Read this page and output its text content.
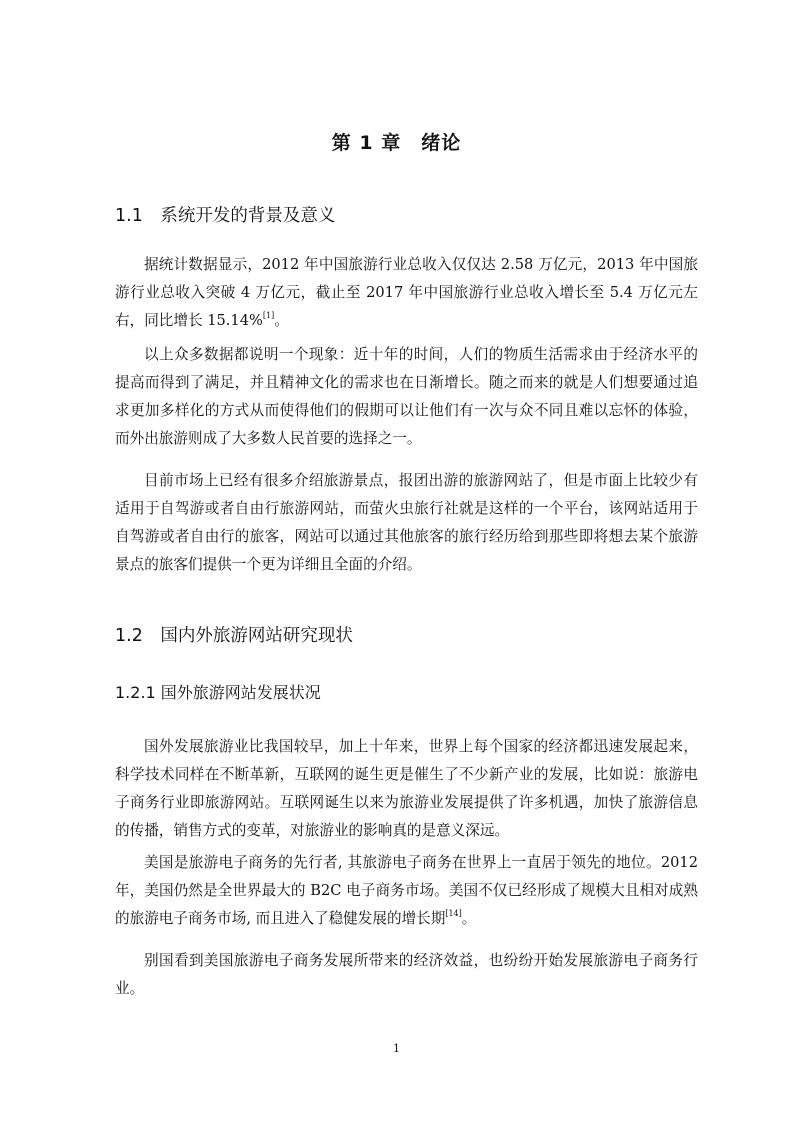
第 1 章　绪论
1.1　系统开发的背景及意义
据统计数据显示，2012 年中国旅游行业总收入仅仅达 2.58 万亿元，2013 年中国旅游行业总收入突破 4 万亿元，截止至 2017 年中国旅游行业总收入增长至 5.4 万亿元左右，同比增长 15.14%[1]。
以上众多数据都说明一个现象：近十年的时间，人们的物质生活需求由于经济水平的提高而得到了满足，并且精神文化的需求也在日渐增长。随之而来的就是人们想要通过追求更加多样化的方式从而使得他们的假期可以让他们有一次与众不同且难以忘怀的体验，而外出旅游则成了大多数人民首要的选择之一。
目前市场上已经有很多介绍旅游景点，报团出游的旅游网站了，但是市面上比较少有适用于自驾游或者自由行旅游网站，而萤火虫旅行社就是这样的一个平台，该网站适用于自驾游或者自由行的旅客，网站可以通过其他旅客的旅行经历给到那些即将想去某个旅游景点的旅客们提供一个更为详细且全面的介绍。
1.2　国内外旅游网站研究现状
1.2.1 国外旅游网站发展状况
国外发展旅游业比我国较早，加上十年来，世界上每个国家的经济都迅速发展起来，科学技术同样在不断革新，互联网的诞生更是催生了不少新产业的发展，比如说：旅游电子商务行业即旅游网站。互联网诞生以来为旅游业发展提供了许多机遇，加快了旅游信息的传播，销售方式的变革，对旅游业的影响真的是意义深远。
美国是旅游电子商务的先行者, 其旅游电子商务在世界上一直居于领先的地位。2012 年，美国仍然是全世界最大的 B2C 电子商务市场。美国不仅已经形成了规模大且相对成熟的旅游电子商务市场, 而且进入了稳健发展的增长期[14]。
别国看到美国旅游电子商务发展所带来的经济效益，也纷纷开始发展旅游电子商务行业。
1
